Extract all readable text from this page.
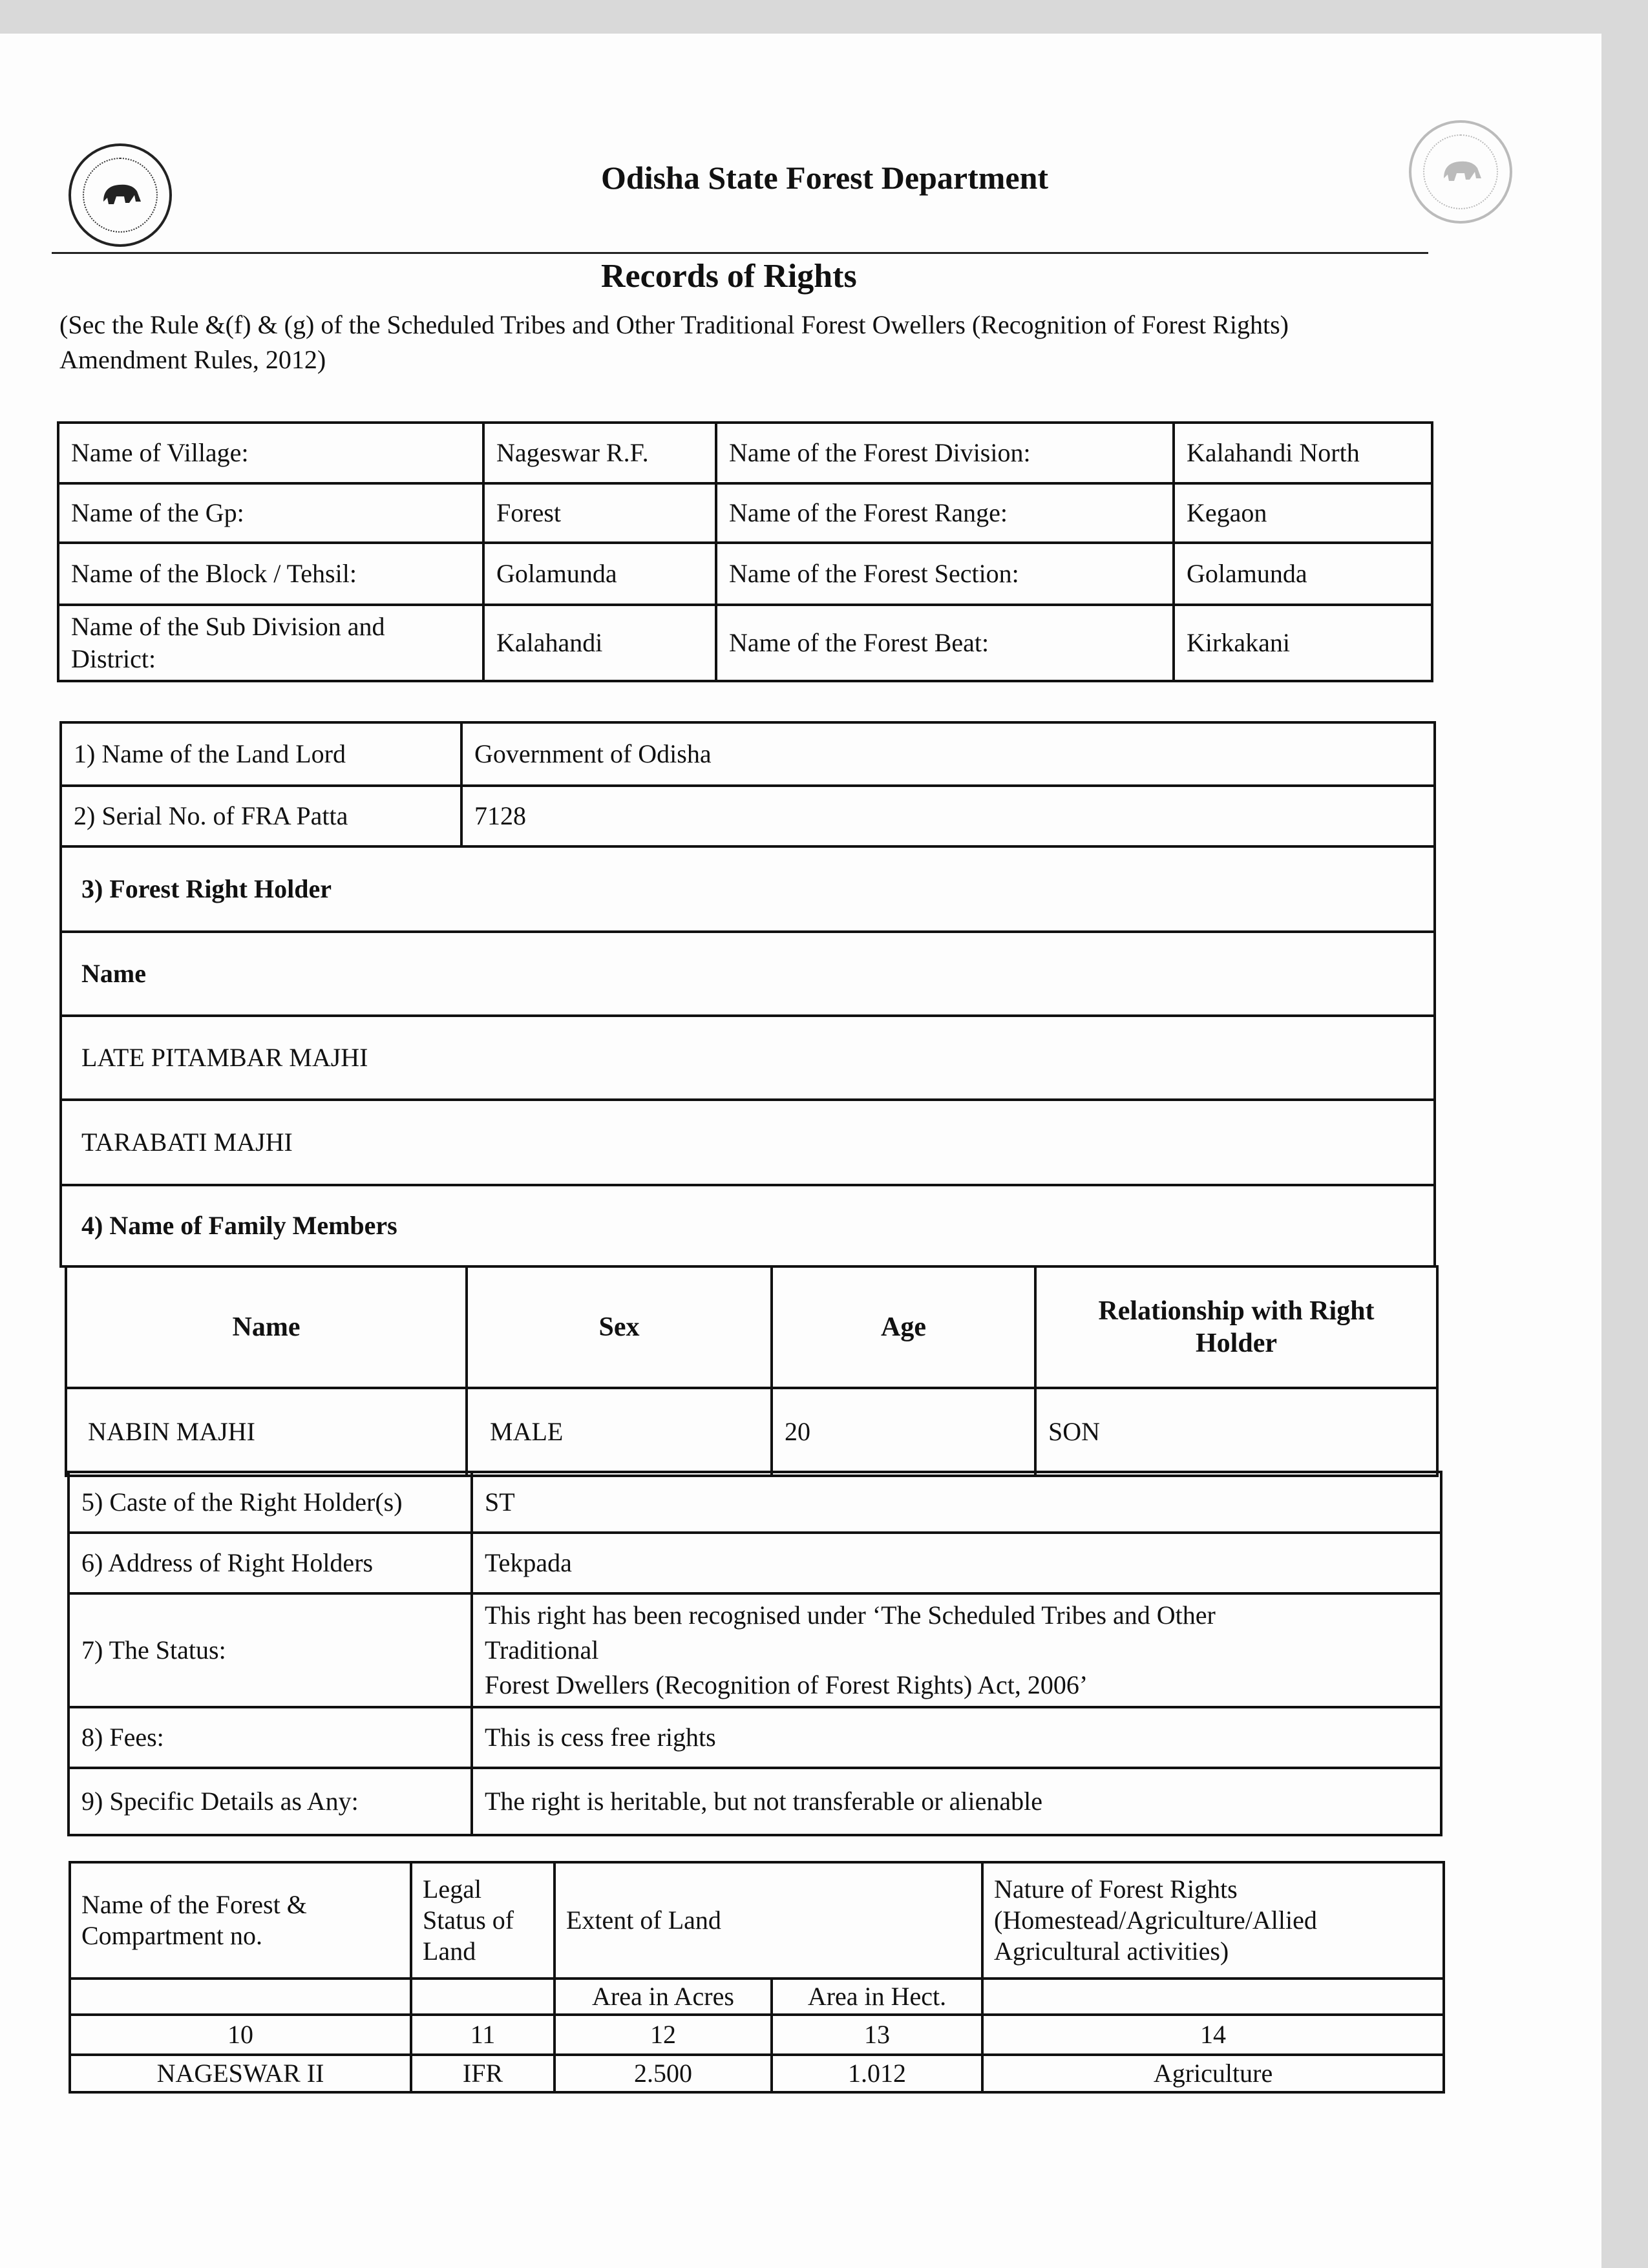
Odisha State Forest Department
Records of Rights
(Sec the Rule &(f) & (g) of the Scheduled Tribes and Other Traditional Forest Owellers (Recognition of Forest Rights) Amendment Rules, 2012)
Name of Village:	Nageswar R.F.	Name of the Forest Division:	Kalahandi North
Name of the Gp:	Forest	Name of the Forest Range:	Kegaon
Name of the Block / Tehsil:	Golamunda	Name of the Forest Section:	Golamunda
Name of the Sub Division and District:	Kalahandi	Name of the Forest Beat:	Kirkakani
1) Name of the Land Lord	Government of Odisha
2) Serial No. of FRA Patta	7128
3) Forest Right Holder	
Name	
LATE PITAMBAR MAJHI	
TARABATI MAJHI	
4) Name of Family Members	
Name	Sex	Age	Relationship with Right Holder
NABIN MAJHI	MALE	20	SON
5) Caste of the Right Holder(s)	ST
6) Address of Right Holders	Tekpada
7) The Status:	This right has been recognised under ‘The Scheduled Tribes and Other
Traditional
Forest Dwellers (Recognition of Forest Rights) Act, 2006’

8) Fees:	This is cess free rights
9) Specific Details as Any:	The right is heritable, but not transferable or alienable
Name of the Forest & Compartment no.	Legal Status of Land	Extent of Land		Nature of Forest Rights (Homestead/Agriculture/Allied Agricultural activities)
		Area in Acres	Area in Hect.	
10	11	12	13	14
NAGESWAR II	IFR	2.500	1.012	Agriculture
